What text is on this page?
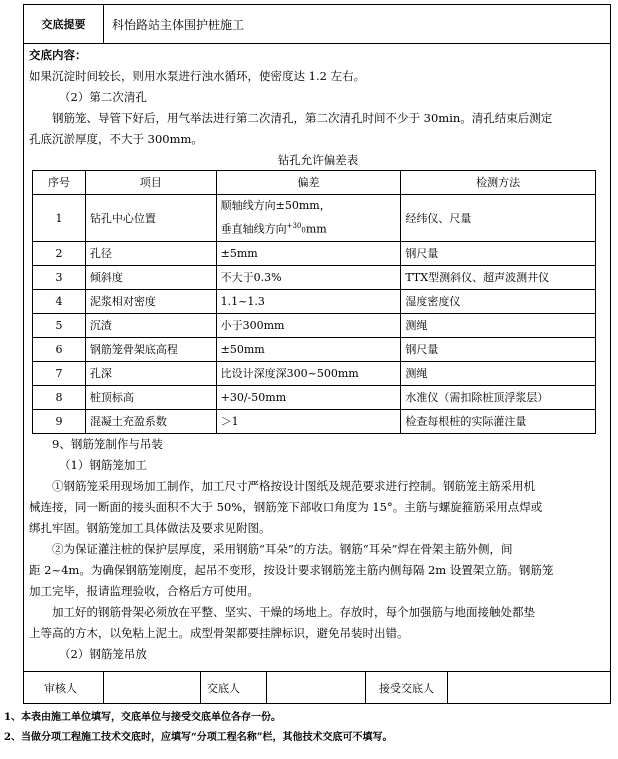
交底提要	科怡路站主体围护桩施工

交底内容：

如果沉淀时间较长，则用水泵进行浊水循环，使密度达 1.2 左右。

（2）第二次清孔

钢筋笼、导管下好后，用气举法进行第二次清孔，第二次清孔时间不少于 30min。清孔结束后测定

孔底沉淤厚度，不大于 300mm。

钻孔允许偏差表

序号	项目	偏差	检测方法
1	钻孔中心位置	顺轴线方向±50mm，
垂直轴线方向$^{+30}$0mm	经纬仪、尺量
2	孔径	±5mm	钢尺量
3	倾斜度	不大于0.3%	TTX型测斜仪、超声波测井仪
4	泥浆相对密度	1.1~1.3	湿度密度仪
5	沉渣	小于300mm	测绳
6	钢筋笼骨架底高程	±50mm	钢尺量
7	孔深	比设计深度深300~500mm	测绳
8	桩顶标高	+30/-50mm	水准仪（需扣除桩顶浮浆层）
9	混凝土充盈系数	＞1	检查每根桩的实际灌注量

9、钢筋笼制作与吊装

（1）钢筋笼加工

①钢筋笼采用现场加工制作，加工尺寸严格按设计图纸及规范要求进行控制。钢筋笼主筋采用机

械连接，同一断面的接头面积不大于 50%，钢筋笼下部收口角度为 15°。主筋与螺旋箍筋采用点焊或

绑扎牢固。钢筋笼加工具体做法及要求见附图。

②为保证灌注桩的保护层厚度，采用钢筋“耳朵”的方法。钢筋“耳朵”焊在骨架主筋外侧，间

距 2~4m。为确保钢筋笼刚度，起吊不变形，按设计要求钢筋笼主筋内侧每隔 2m 设置架立筋。钢筋笼

加工完毕，报请监理验收，合格后方可使用。

加工好的钢筋骨架必须放在平整、坚实、干燥的场地上。存放时，每个加强筋与地面接触处都垫

上等高的方木，以免粘上泥土。成型骨架都要挂牌标识，避免吊装时出错。

（2）钢筋笼吊放

审核人	交底人	接受交底人
1、本表由施工单位填写，交底单位与接受交底单位各存一份。
2、当做分项工程施工技术交底时，应填写“分项工程名称”栏，其他技术交底可不填写。
